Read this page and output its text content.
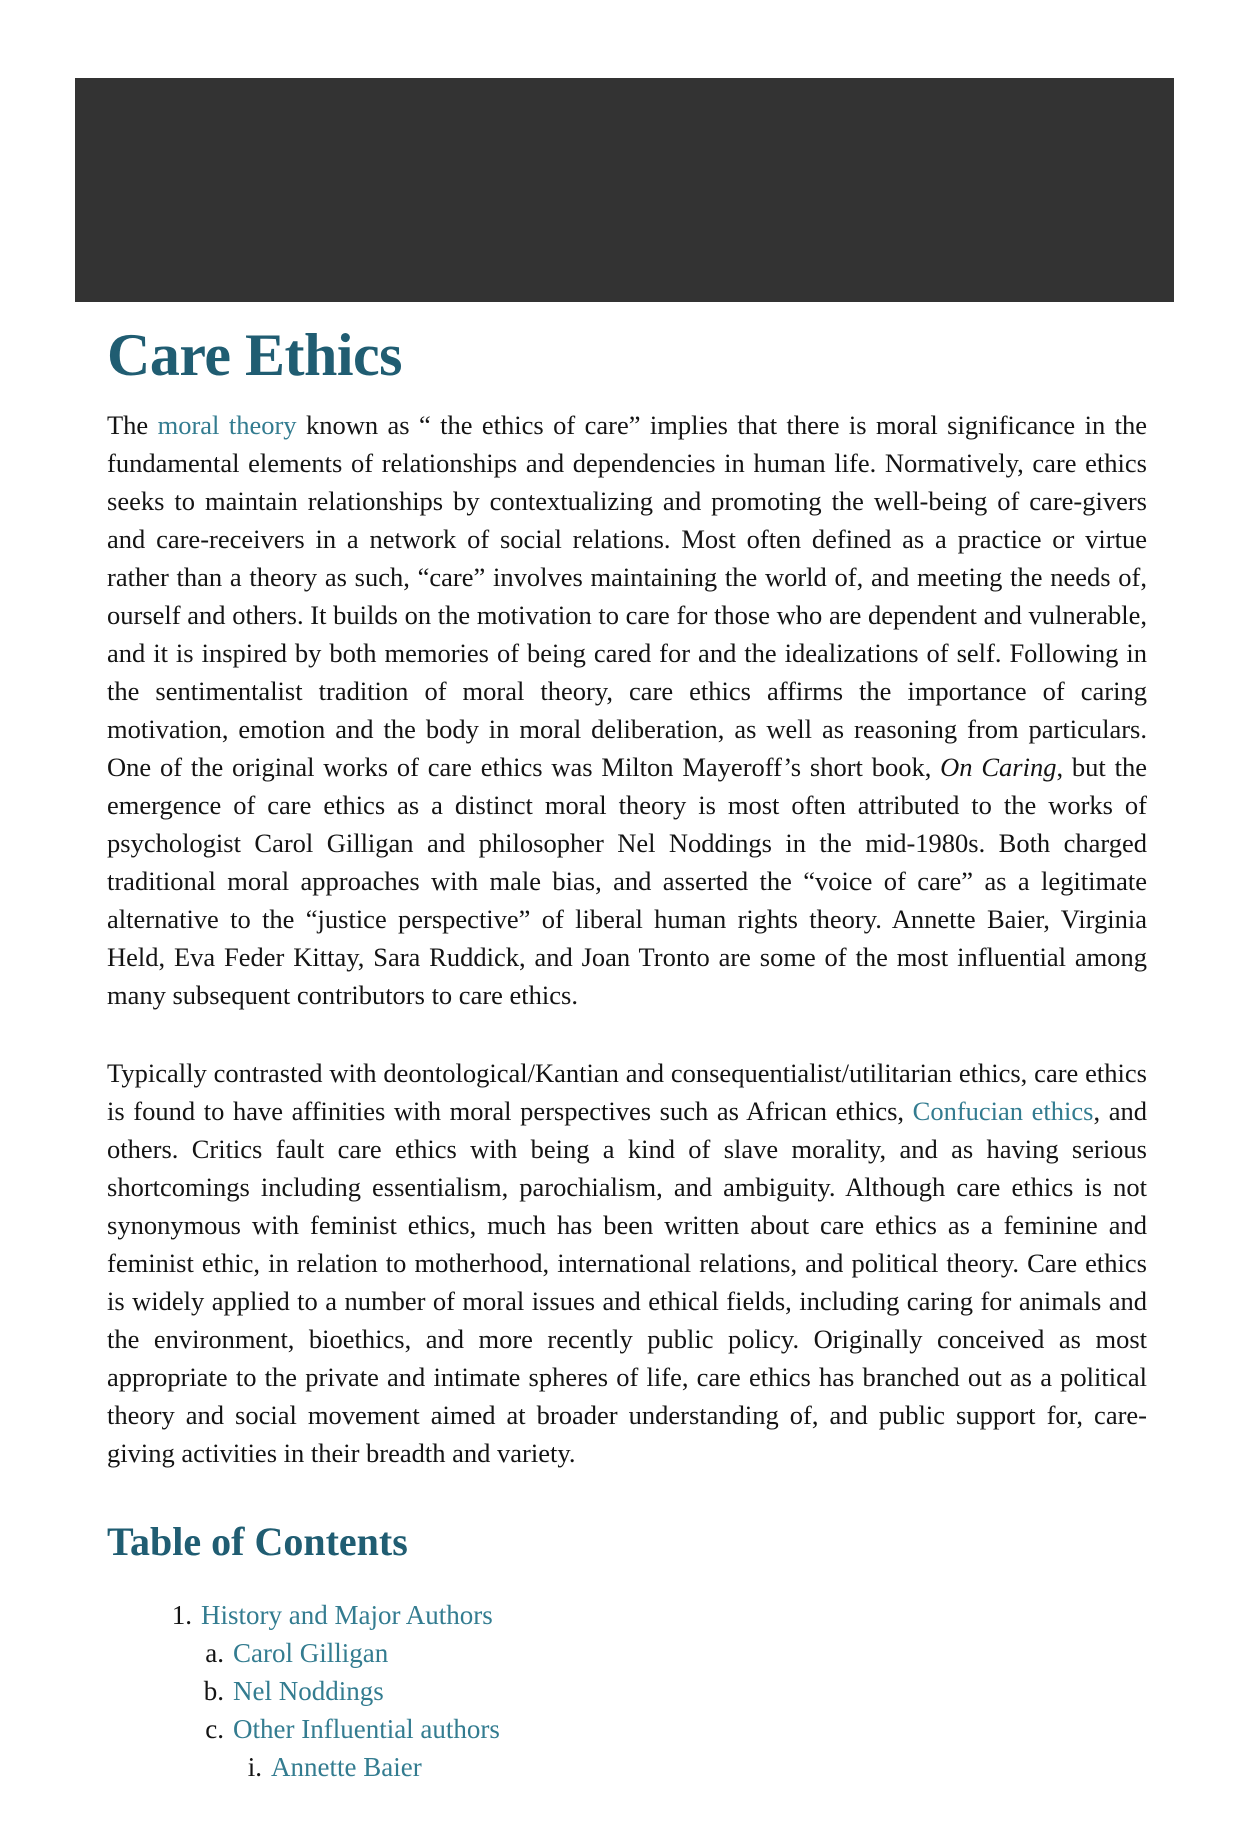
Care Ethics

The moral theory known as “ the ethics of care” implies that there is moral significance in the fundamental elements of relationships and dependencies in human life. Normatively, care ethics seeks to maintain relationships by contextualizing and promoting the well-being of care-givers and care-receivers in a network of social relations. Most often defined as a practice or virtue rather than a theory as such, “care” involves maintaining the world of, and meeting the needs of, ourself and others. It builds on the motivation to care for those who are dependent and vulnerable, and it is inspired by both memories of being cared for and the idealizations of self. Following in the sentimentalist tradition of moral theory, care ethics affirms the importance of caring motivation, emotion and the body in moral deliberation, as well as reasoning from particulars. One of the original works of care ethics was Milton Mayeroff’s short book, On Caring, but the emergence of care ethics as a distinct moral theory is most often attributed to the works of psychologist Carol Gilligan and philosopher Nel Noddings in the mid-1980s. Both charged traditional moral approaches with male bias, and asserted the “voice of care” as a legitimate alternative to the “justice perspective” of liberal human rights theory. Annette Baier, Virginia Held, Eva Feder Kittay, Sara Ruddick, and Joan Tronto are some of the most influential among many subsequent contributors to care ethics.

Typically contrasted with deontological/Kantian and consequentialist/utilitarian ethics, care ethics is found to have affinities with moral perspectives such as African ethics, Confucian ethics, and others. Critics fault care ethics with being a kind of slave morality, and as having serious shortcomings including essentialism, parochialism, and ambiguity. Although care ethics is not synonymous with feminist ethics, much has been written about care ethics as a feminine and feminist ethic, in relation to motherhood, international relations, and political theory. Care ethics is widely applied to a number of moral issues and ethical fields, including caring for animals and the environment, bioethics, and more recently public policy. Originally conceived as most appropriate to the private and intimate spheres of life, care ethics has branched out as a political theory and social movement aimed at broader understanding of, and public support for, care-giving activities in their breadth and variety.

Table of Contents
1. History and Major Authors
a. Carol Gilligan
b. Nel Noddings
c. Other Influential authors
i. Annette Baier
